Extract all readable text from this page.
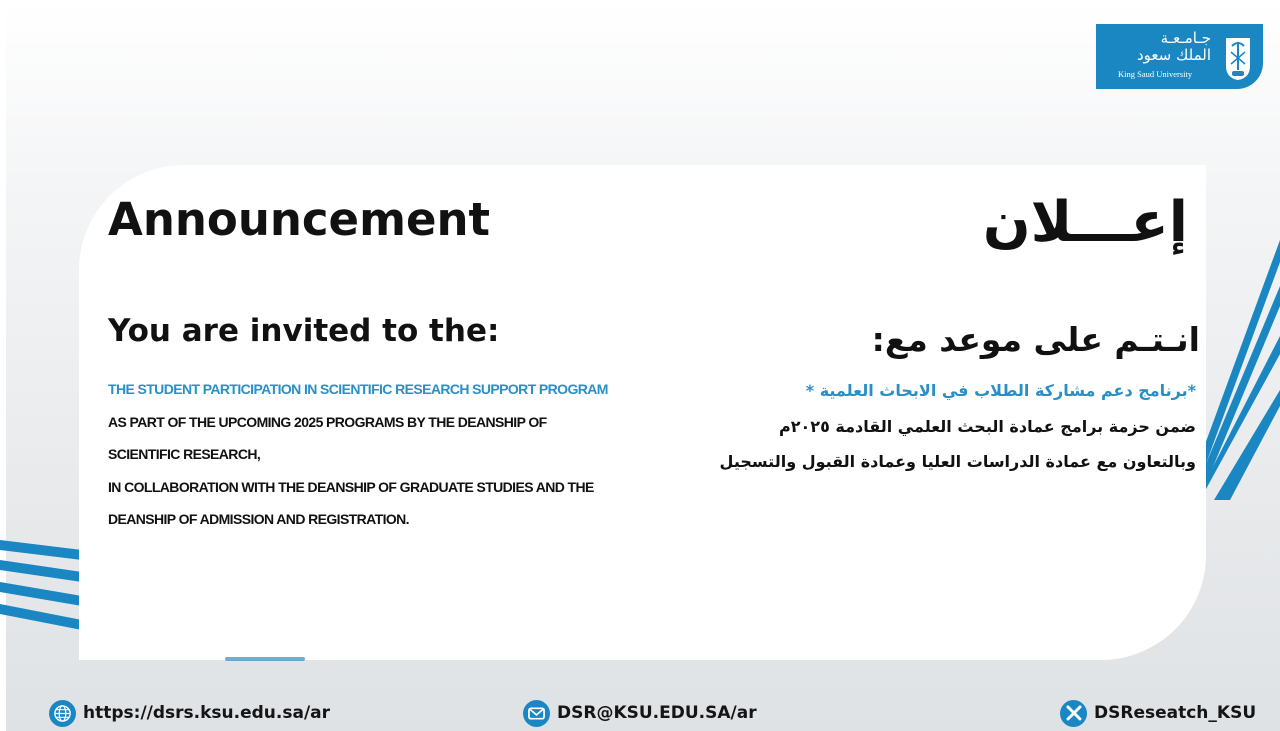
جـامـعـة
الملك سعود
King Saud University
Announcement	إعـــلان
You are invited to the:	انـتـم على موعد مع:
THE STUDENT PARTICIPATION IN SCIENTIFIC RESEARCH SUPPORT PROGRAM
AS PART OF THE UPCOMING 2025 PROGRAMS BY THE DEANSHIP OF
SCIENTIFIC RESEARCH,
IN COLLABORATION WITH THE DEANSHIP OF GRADUATE STUDIES AND THE
DEANSHIP OF ADMISSION AND REGISTRATION.
*برنامج دعم مشاركة الطلاب في الابحاث العلمية *
ضمن حزمة برامج عمادة البحث العلمي القادمة ٢٠٢٥م
وبالتعاون مع عمادة الدراسات العليا وعمادة القبول والتسجيل
https://dsrs.ksu.edu.sa/ar	DSR@KSU.EDU.SA/ar	DSReseatch_KSU
